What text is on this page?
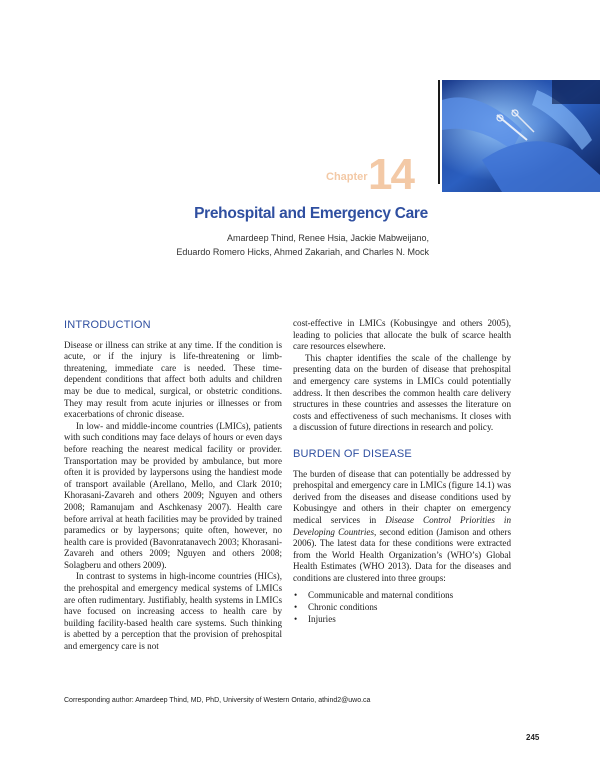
Chapter 14
Prehospital and Emergency Care
Amardeep Thind, Renee Hsia, Jackie Mabweijano,
Eduardo Romero Hicks, Ahmed Zakariah, and Charles N. Mock
INTRODUCTION

Disease or illness can strike at any time. If the condition is acute, or if the injury is life-threatening or limb-threatening, immediate care is needed. These time-dependent conditions that affect both adults and children may be due to medical, surgical, or obstetric conditions. They may result from acute injuries or illnesses or from exacerbations of chronic disease.

In low- and middle-income countries (LMICs), patients with such conditions may face delays of hours or even days before reaching the nearest medical facility or provider. Transportation may be provided by ambulance, but more often it is provided by laypersons using the handiest mode of transport available (Arellano, Mello, and Clark 2010; Khorasani-Zavareh and others 2009; Nguyen and others 2008; Ramanujam and Aschkenasy 2007). Health care before arrival at heath facilities may be provided by trained paramedics or by laypersons; quite often, however, no health care is provided (Bavonratanavech 2003; Khorasani-Zavareh and others 2009; Nguyen and others 2008; Solagberu and others 2009).

In contrast to systems in high-income countries (HICs), the prehospital and emergency medical systems of LMICs are often rudimentary. Justifiably, health systems in LMICs have focused on increasing access to health care by building facility-based health care systems. Such thinking is abetted by a perception that the provision of prehospital and emergency care is not

cost-effective in LMICs (Kobusingye and others 2005), leading to policies that allocate the bulk of scarce health care resources elsewhere.

This chapter identifies the scale of the challenge by presenting data on the burden of disease that prehospital and emergency care systems in LMICs could potentially address. It then describes the common health care delivery structures in these countries and assesses the literature on costs and effectiveness of such mechanisms. It closes with a discussion of future directions in research and policy.

BURDEN OF DISEASE

The burden of disease that can potentially be addressed by prehospital and emergency care in LMICs (figure 14.1) was derived from the diseases and disease conditions used by Kobusingye and others in their chapter on emergency medical services in Disease Control Priorities in Developing Countries, second edition (Jamison and others 2006). The latest data for these conditions were extracted from the World Health Organization’s (WHO’s) Global Health Estimates (WHO 2013). Data for the diseases and conditions are clustered into three groups:

• Communicable and maternal conditions
• Chronic conditions
• Injuries
Corresponding author: Amardeep Thind, MD, PhD, University of Western Ontario, athind2@uwo.ca
245
